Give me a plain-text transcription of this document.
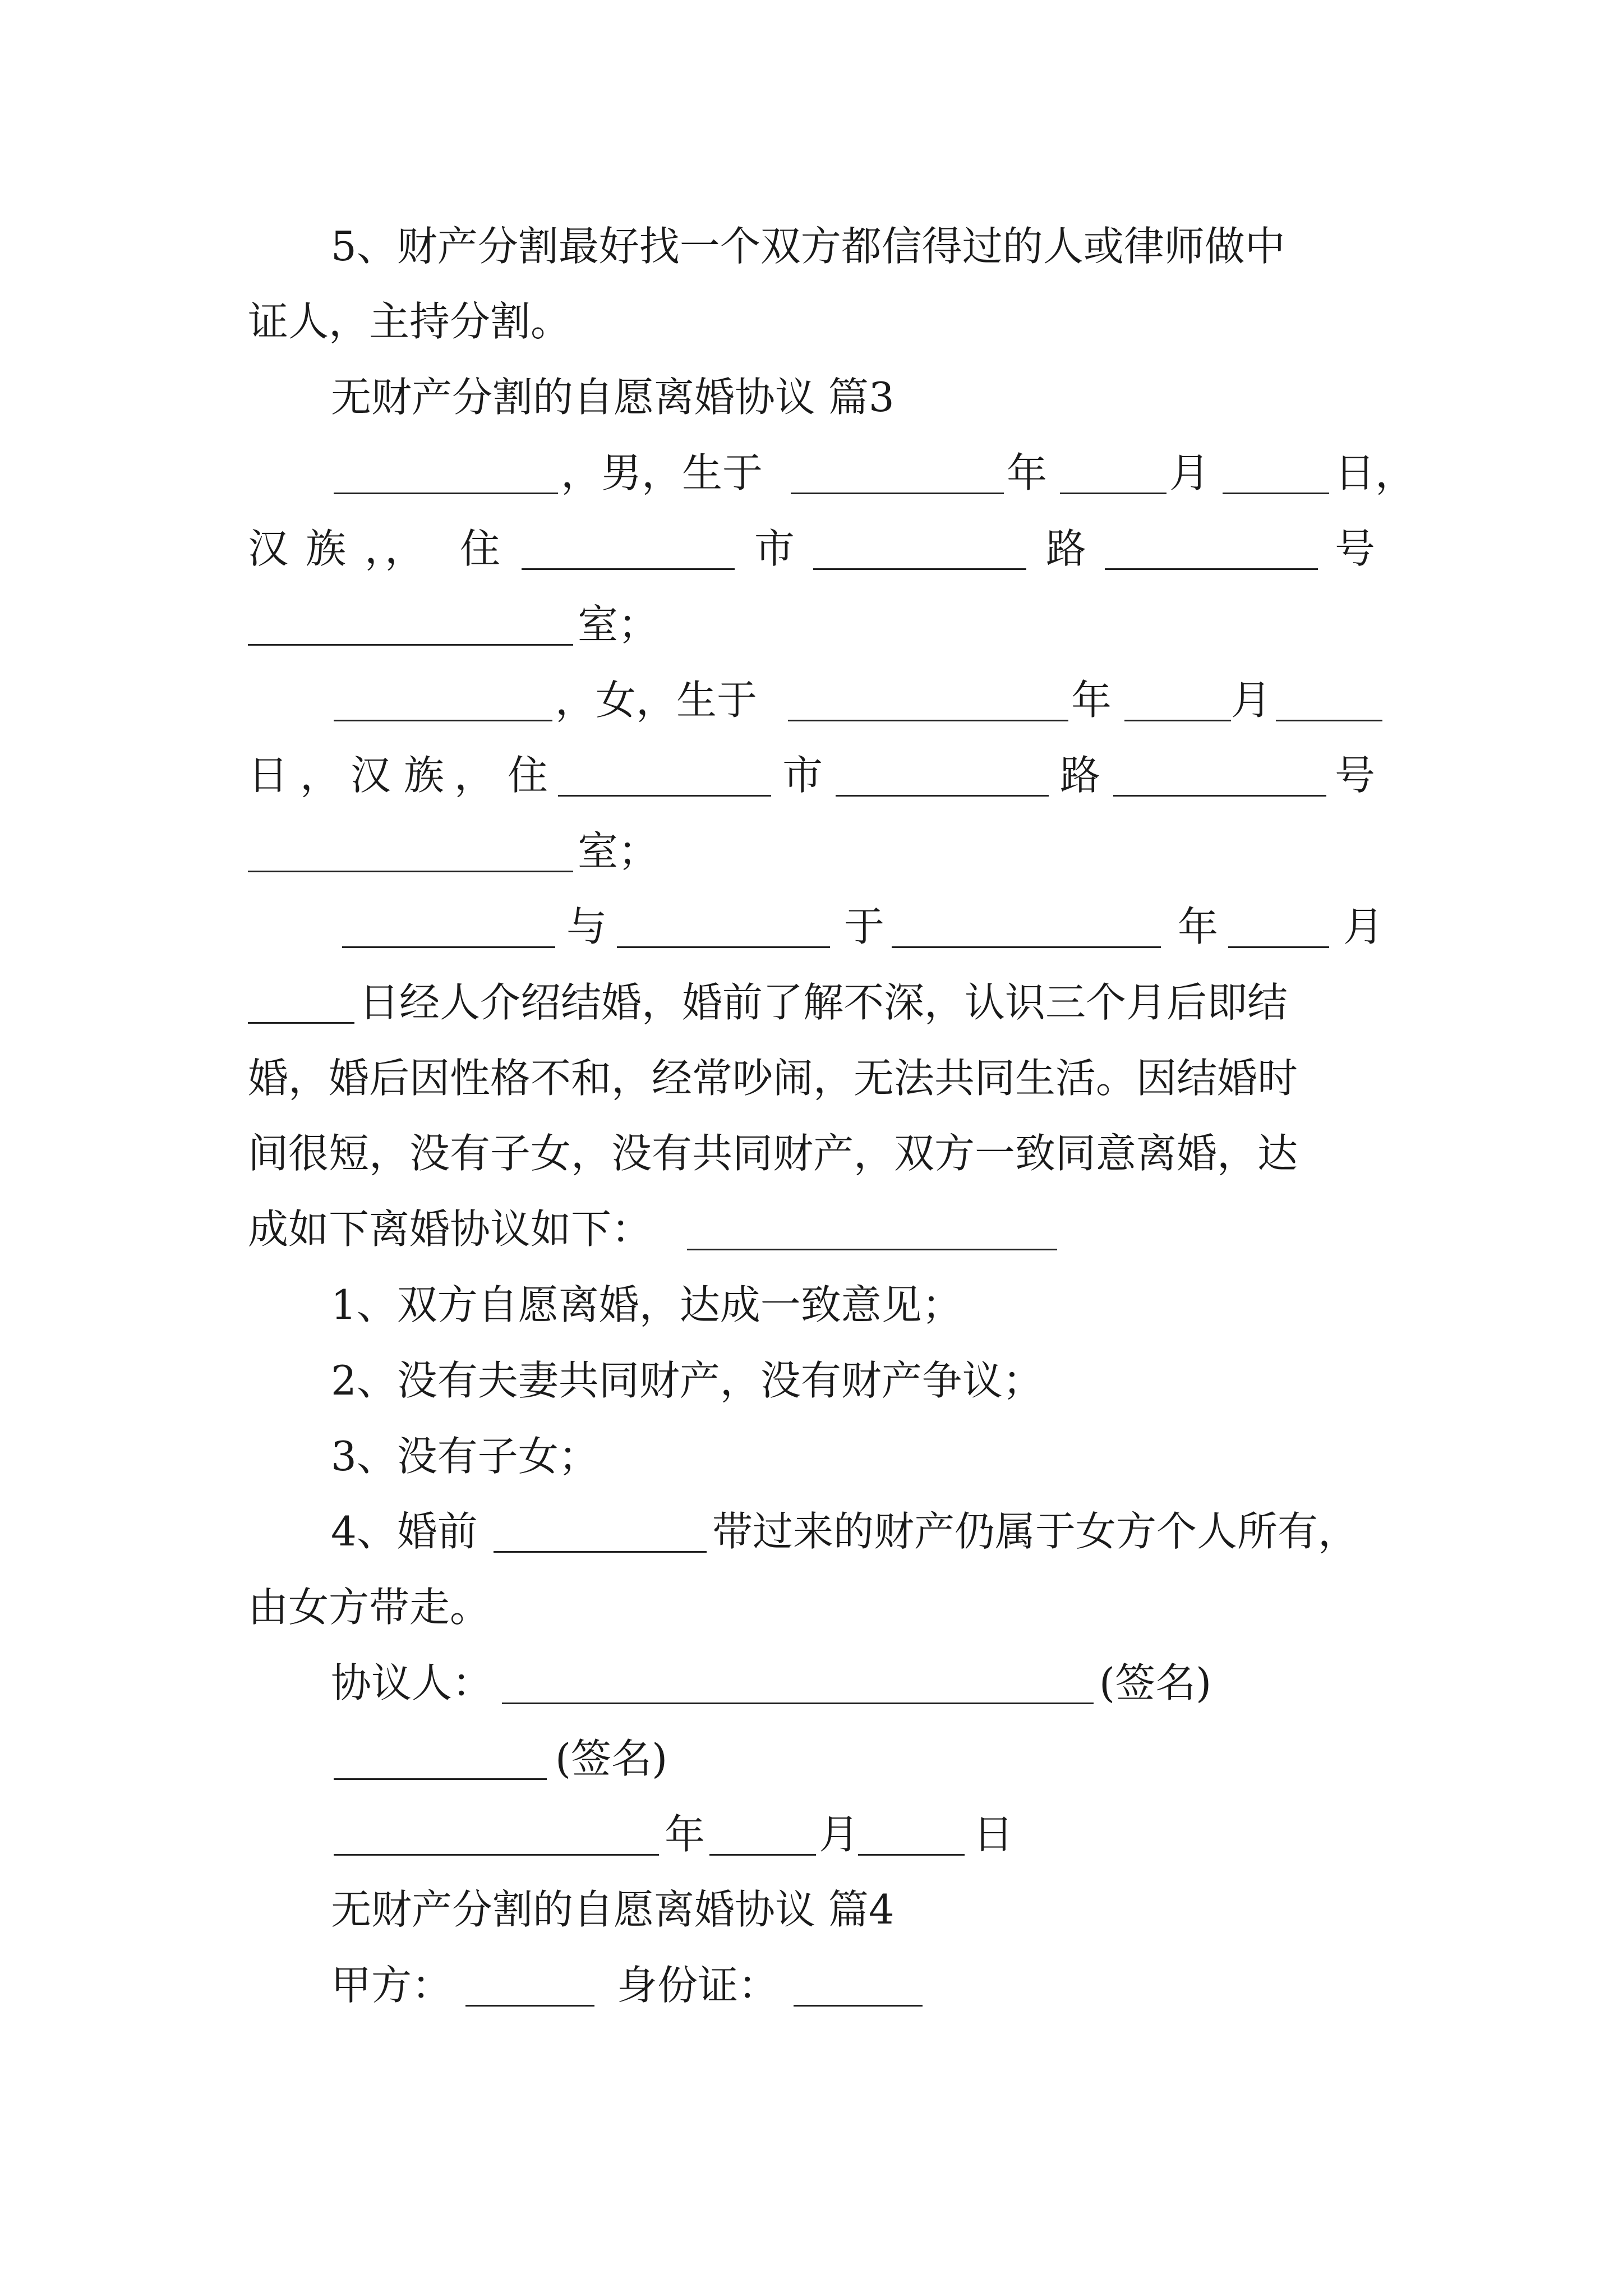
5、财产分割最好找一个双方都信得过的人或律师做中
证人，主持分割。
无财产分割的自愿离婚协议 篇3
，男，生于	年	月	日，
汉 族 ，， 住	市	路	号
室；
，女，生于	年	月
日 ， 汉 族 ， 住	市	路	号
室；
与	于	年	月
日经人介绍结婚，婚前了解不深，认识三个月后即结
婚，婚后因性格不和，经常吵闹，无法共同生活。因结婚时
间很短，没有子女，没有共同财产，双方一致同意离婚，达
成如下离婚协议如下：
1、双方自愿离婚，达成一致意见；
2、没有夫妻共同财产，没有财产争议；
3、没有子女；
4、婚前	带过来的财产仍属于女方个人所有，
由女方带走。
协议人：	(签名)
(签名)
年	月	日
无财产分割的自愿离婚协议 篇4
甲方：	身份证：
